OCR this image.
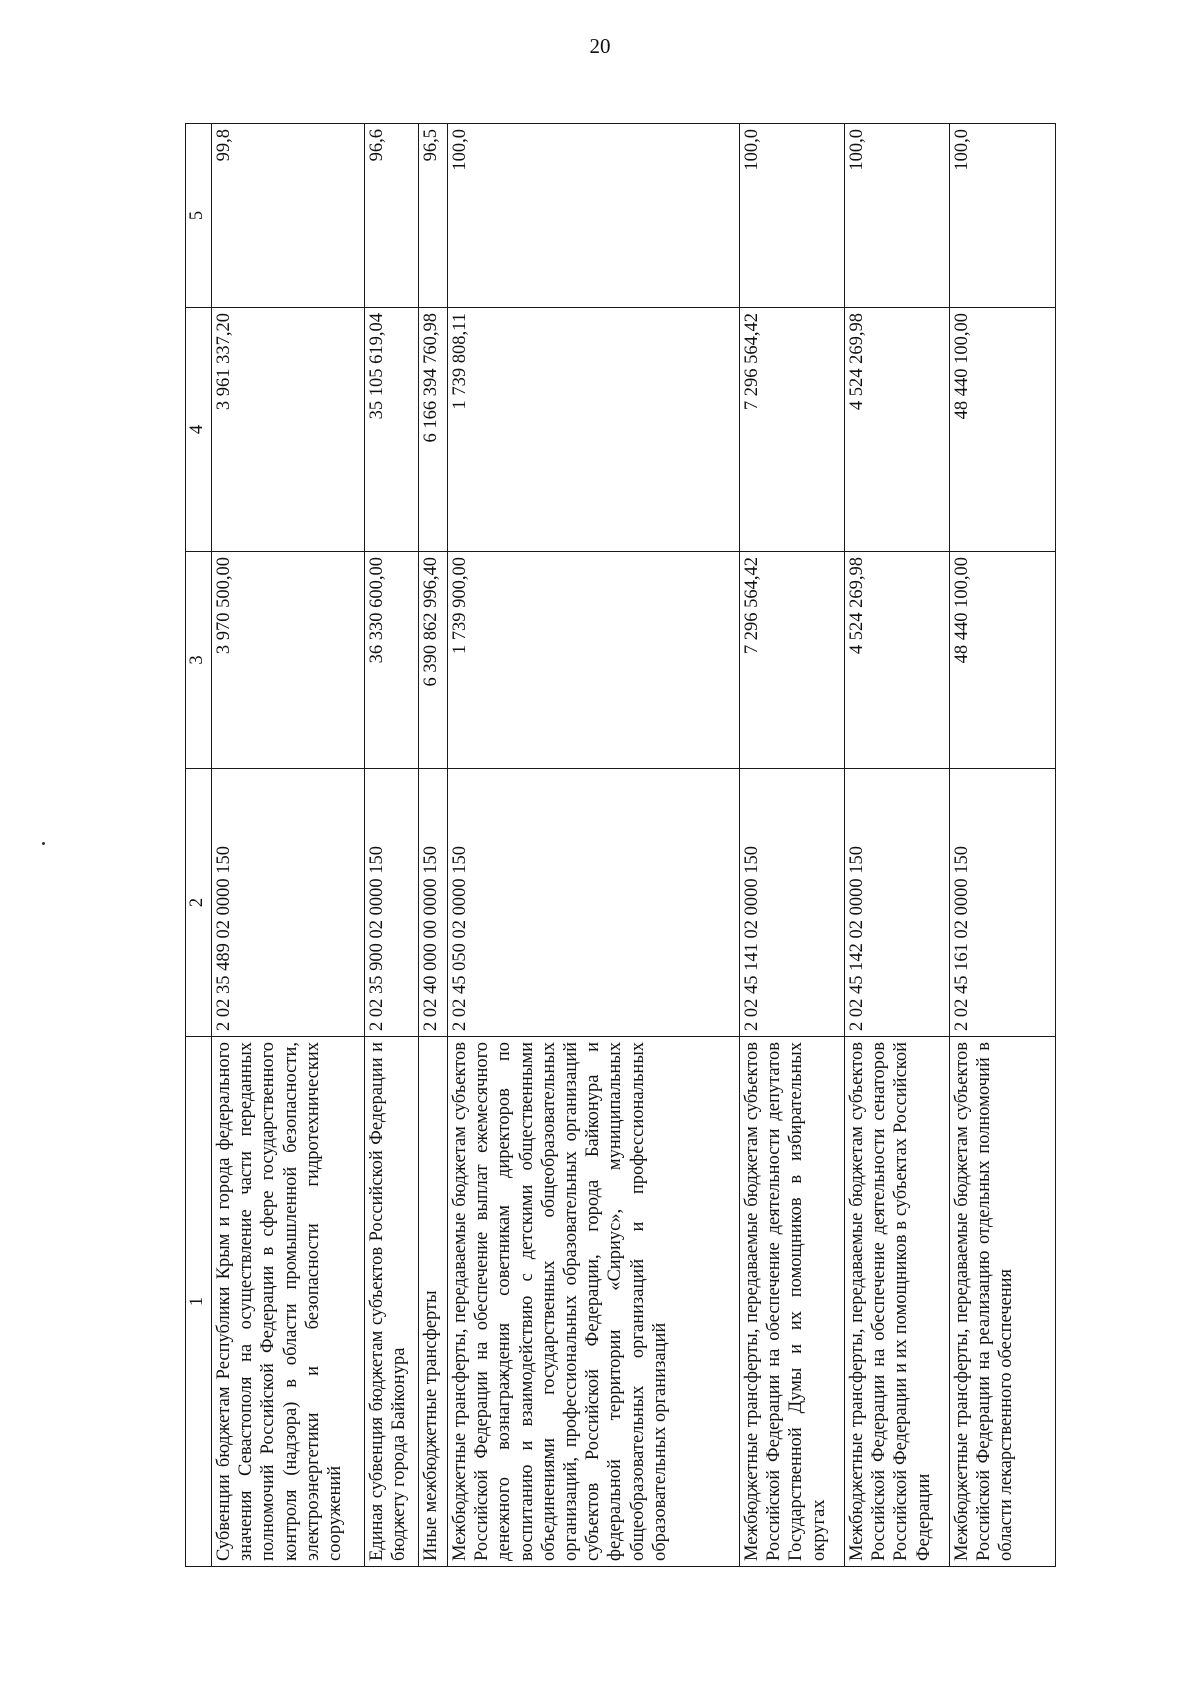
20
1	2	3	4	5
Субвенции бюджетам Республики Крым и города федерального значения Севастополя на осуществление части переданных полномочий Российской Федерации в сфере государственного контроля (надзора) в области промышленной безопасности, электроэнергетики и безопасности гидротехнических сооружений	2 02 35 489 02 0000 150	3 970 500,00	3 961 337,20	99,8
Единая субвенция бюджетам субъектов Российской Федерации и бюджету города Байконура	2 02 35 900 02 0000 150	36 330 600,00	35 105 619,04	96,6
Иные межбюджетные трансферты	2 02 40 000 00 0000 150	6 390 862 996,40	6 166 394 760,98	96,5
Межбюджетные трансферты, передаваемые бюджетам субъектов Российской Федерации на обеспечение выплат ежемесячного денежного вознаграждения советникам директоров по воспитанию и взаимодействию с детскими общественными объединениями государственных общеобразовательных организаций, профессиональных образовательных организаций субъектов Российской Федерации, города Байконура и федеральной территории «Сириус», муниципальных общеобразовательных организаций и профессиональных образовательных организаций	2 02 45 050 02 0000 150	1 739 900,00	1 739 808,11	100,0
Межбюджетные трансферты, передаваемые бюджетам субъектов Российской Федерации на обеспечение деятельности депутатов Государственной Думы и их помощников в избирательных округах	2 02 45 141 02 0000 150	7 296 564,42	7 296 564,42	100,0
Межбюджетные трансферты, передаваемые бюджетам субъектов Российской Федерации на обеспечение деятельности сенаторов Российской Федерации и их помощников в субъектах Российской Федерации	2 02 45 142 02 0000 150	4 524 269,98	4 524 269,98	100,0
Межбюджетные трансферты, передаваемые бюджетам субъектов Российской Федерации на реализацию отдельных полномочий в области лекарственного обеспечения	2 02 45 161 02 0000 150	48 440 100,00	48 440 100,00	100,0
